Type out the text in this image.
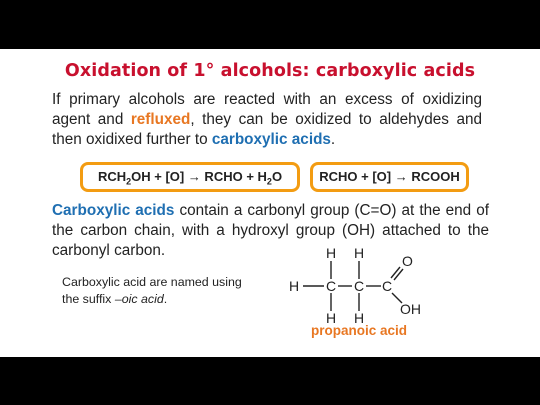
Oxidation of 1° alcohols: carboxylic acids
If primary alcohols are reacted with an excess of oxidizing agent and refluxed, they can be oxidized to aldehydes and then oxidixed further to carboxylic acids.
$RCH_2OH + [O]$ → RCHO + $H_2O$	RCHO + [O] → RCOOH
Carboxylic acids contain a carbonyl group (C=O) at the end of the carbon chain, with a hydroxyl group (OH) attached to the carbonyl carbon.
Carboxylic acid are named using the suffix –oic acid.
H H
H C C C
O
H H
OH
propanoic acid
